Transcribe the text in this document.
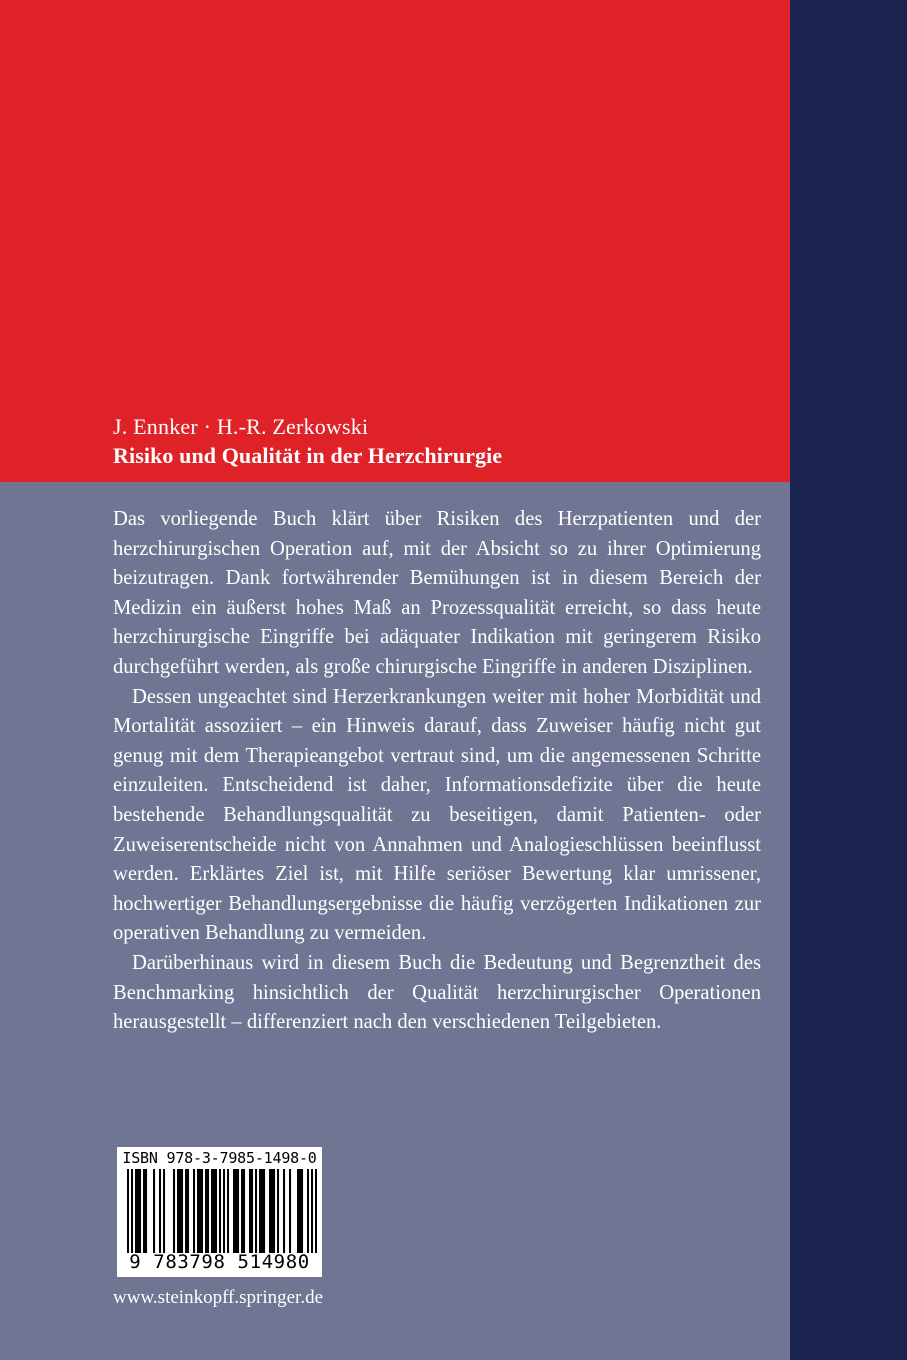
J. Ennker · H.-R. Zerkowski
Risiko und Qualität in der Herzchirurgie

Das vorliegende Buch klärt über Risiken des Herzpatienten und der herzchirurgischen Operation auf, mit der Absicht so zu ihrer Optimierung beizutragen. Dank fortwährender Bemühungen ist in diesem Bereich der Medizin ein äußerst hohes Maß an Prozessqualität erreicht, so dass heute herzchirurgische Eingriffe bei adäquater Indikation mit geringerem Risiko durchgeführt werden, als große chirurgische Eingriffe in anderen Disziplinen.

Dessen ungeachtet sind Herzerkrankungen weiter mit hoher Morbidität und Mortalität assoziiert – ein Hinweis darauf, dass Zuweiser häufig nicht gut genug mit dem Therapieangebot vertraut sind, um die angemessenen Schritte einzuleiten. Entscheidend ist daher, Informationsdefizite über die heute bestehende Behandlungsqualität zu beseitigen, damit Patienten- oder Zuweiserentscheide nicht von Annahmen und Analogieschlüssen beeinflusst werden. Erklärtes Ziel ist, mit Hilfe seriöser Bewertung klar umrissener, hochwertiger Behandlungsergebnisse die häufig verzögerten Indikationen zur operativen Behandlung zu vermeiden.

Darüberhinaus wird in diesem Buch die Bedeutung und Begrenztheit des Benchmarking hinsichtlich der Qualität herzchirurgischer Operationen herausgestellt – differenziert nach den verschiedenen Teilgebieten.

ISBN 978-3-7985-1498-0
9 783798 514980
www.steinkopff.springer.de
